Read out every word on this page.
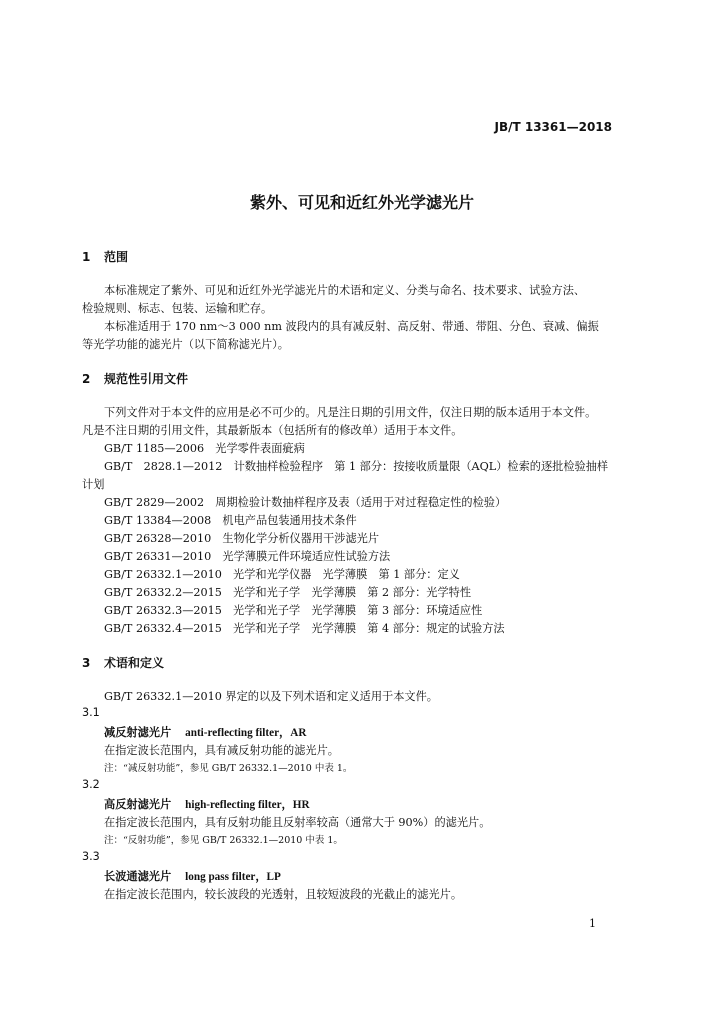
JB/T 13361—2018
紫外、可见和近红外光学滤光片
1 范围
本标准规定了紫外、可见和近红外光学滤光片的术语和定义、分类与命名、技术要求、试验方法、
检验规则、标志、包装、运输和贮存。
本标准适用于 170 nm～3 000 nm 波段内的具有减反射、高反射、带通、带阻、分色、衰减、偏振
等光学功能的滤光片（以下简称滤光片）。
2 规范性引用文件
下列文件对于本文件的应用是必不可少的。凡是注日期的引用文件，仅注日期的版本适用于本文件。
凡是不注日期的引用文件，其最新版本（包括所有的修改单）适用于本文件。
GB/T 1185—2006　光学零件表面疵病
GB/T　2828.1—2012　计数抽样检验程序　第 1 部分：按接收质量限（AQL）检索的逐批检验抽样
计划
GB/T 2829—2002　周期检验计数抽样程序及表（适用于对过程稳定性的检验）
GB/T 13384—2008　机电产品包装通用技术条件
GB/T 26328—2010　生物化学分析仪器用干涉滤光片
GB/T 26331—2010　光学薄膜元件环境适应性试验方法
GB/T 26332.1—2010　光学和光学仪器　光学薄膜　第 1 部分：定义
GB/T 26332.2—2015　光学和光子学　光学薄膜　第 2 部分：光学特性
GB/T 26332.3—2015　光学和光子学　光学薄膜　第 3 部分：环境适应性
GB/T 26332.4—2015　光学和光子学　光学薄膜　第 4 部分：规定的试验方法
3 术语和定义
GB/T 26332.1—2010 界定的以及下列术语和定义适用于本文件。
3.1
减反射滤光片 anti-reflecting filter，AR
在指定波长范围内，具有减反射功能的滤光片。
注：“减反射功能”，参见 GB/T 26332.1—2010 中表 1。
3.2
高反射滤光片 high-reflecting filter，HR
在指定波长范围内，具有反射功能且反射率较高（通常大于 90%）的滤光片。
注：“反射功能”，参见 GB/T 26332.1—2010 中表 1。
3.3
长波通滤光片 long pass filter，LP
在指定波长范围内，较长波段的光透射，且较短波段的光截止的滤光片。
1
